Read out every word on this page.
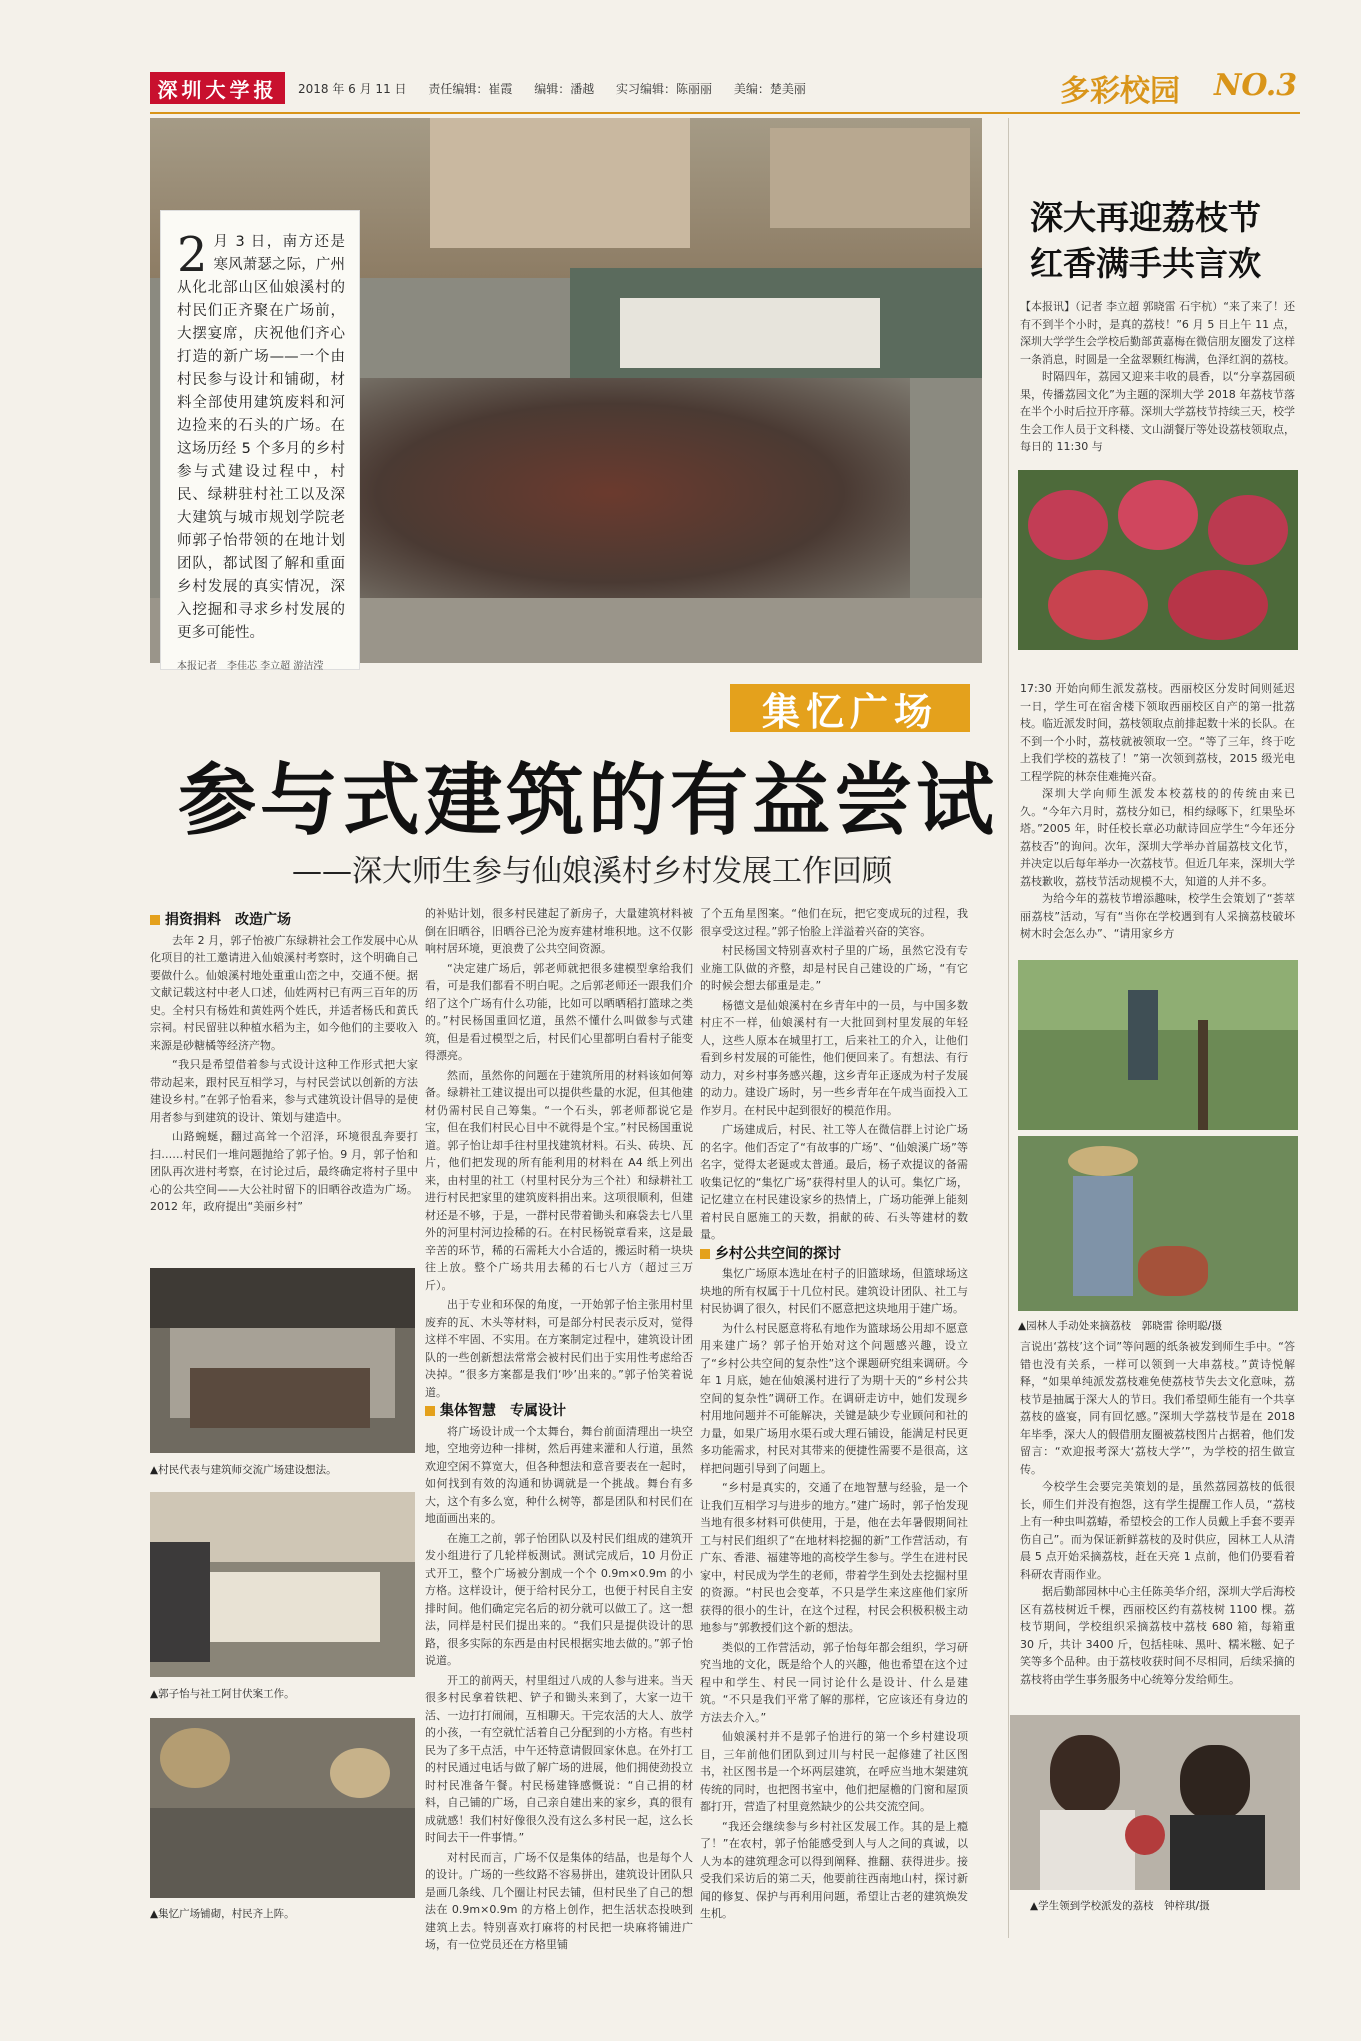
深圳大学报	2018 年 6 月 11 日 责任编辑：崔霞 编辑：潘越 实习编辑：陈丽丽 美编：楚美丽	多彩校园 NO.3
2 月 3 日，南方还是寒风萧瑟之际，广州从化北部山区仙娘溪村的村民们正齐聚在广场前，大摆宴席，庆祝他们齐心打造的新广场——一个由村民参与设计和铺砌，材料全部使用建筑废料和河边捡来的石头的广场。在这场历经 5 个多月的乡村参与式建设过程中，村民、绿耕驻村社工以及深大建筑与城市规划学院老师郭子怡带领的在地计划团队，都试图了解和重面乡村发展的真实情况，深入挖掘和寻求乡村发展的更多可能性。
本报记者　李佳芯 李立超 游洁滢
集忆广场
参与式建筑的有益尝试
——深大师生参与仙娘溪村乡村发展工作回顾

捐资捐料　改造广场

去年 2 月，郭子怡被广东绿耕社会工作发展中心从化项目的社工邀请进入仙娘溪村考察时，这个明确自己要做什么。仙娘溪村地处重重山峦之中，交通不便。据文献记载这村中老人口述，仙姓两村已有两三百年的历史。全村只有杨姓和黄姓两个姓氏，并适者杨氏和黄氏宗祠。村民留驻以种植水稻为主，如今他们的主要收入来源是砂糖橘等经济产物。

“我只是希望借着参与式设计这种工作形式把大家带动起来，跟村民互相学习，与村民尝试以创新的方法建设乡村。”在郭子怡看来，参与式建筑设计倡导的是使用者参与到建筑的设计、策划与建造中。

山路蜿蜒，翻过高耸一个沼泽，环境很乱奔要打扫……村民们一堆问题抛给了郭子怡。9 月，郭子怡和团队再次进村考察，在讨论过后，最终确定将村子里中心的公共空间——大公社时留下的旧晒谷改造为广场。2012 年，政府提出“美丽乡村”

▲村民代表与建筑师交流广场建设想法。
▲郭子怡与社工阿甘伏案工作。
▲集忆广场铺砌，村民齐上阵。

的补贴计划，很多村民建起了新房子，大量建筑材料被倒在旧晒谷，旧晒谷已沦为废弃建材堆积地。这不仅影响村居环境，更浪费了公共空间资源。

“决定建广场后，郭老师就把很多建模型拿给我们看，可是我们都看不明白呢。之后郭老师还一跟我们介绍了这个广场有什么功能，比如可以晒晒稻打篮球之类的。”村民杨国重回忆道，虽然不懂什么叫做参与式建筑，但是看过模型之后，村民们心里都明白看村子能变得漂亮。

然而，虽然你的问题在于建筑所用的材料该如何筹备。绿耕社工建议提出可以提供些量的水泥，但其他建材仍需村民自己筹集。“一个石头，郭老师都说它是宝，但在我们村民心目中不就得是个宝。”村民杨国重说道。郭子怡让却手往村里找建筑材料。石头、砖块、瓦片，他们把发现的所有能利用的材料在 A4 纸上列出来，由村里的社工（村里村民分为三个社）和绿耕社工进行村民把家里的建筑废料捐出来。这项很顺利，但建材还是不够，于是，一群村民带着锄头和麻袋去七八里外的河里村河边捡稀的石。在村民杨锐章看来，这是最辛苦的环节，稀的石需耗大小合适的，搬运时稍一块块往上放。整个广场共用去稀的石七八方（超过三万斤）。

出于专业和环保的角度，一开始郭子怡主张用村里废弃的瓦、木头等材料，可是部分村民表示反对，觉得这样不牢固、不实用。在方案制定过程中，建筑设计团队的一些创新想法常常会被村民们出于实用性考虑给否决掉。“很多方案都是我们‘吵’出来的。”郭子怡笑着说道。

集体智慧　专属设计

将广场设计成一个太舞台，舞台前面清理出一块空地，空地旁边种一排树，然后再建来灌和人行道，虽然欢迎空闲不算宽大，但各种想法和意音要表在一起时，如何找到有效的沟通和协调就是一个挑战。舞台有多大，这个有多么宽，种什么树等，都是团队和村民们在地面画出来的。

在施工之前，郭子怡团队以及村民们组成的建筑开发小组进行了几轮样板测试。测试完成后，10 月份正式开工，整个广场被分割成一个个 0.9m×0.9m 的小方格。这样设计，便于给村民分工，也便于村民自主安排时间。他们确定完名后的初分就可以做工了。这一想法，同样是村民们提出来的。“我们只是提供设计的思路，很多实际的东西是由村民根据实地去做的。”郭子怡说道。

开工的前两天，村里组过八成的人参与进来。当天很多村民拿着铁耙、铲子和锄头来到了，大家一边干活、一边打打闹闹，互相聊天。干完农活的大人、放学的小孩，一有空就忙活着自己分配到的小方格。有些村民为了多干点活，中午还特意请假回家休息。在外打工的村民通过电话与做了解广场的进展，他们拥使劲投立时村民准备午餐。村民杨建锋感慨说：“自己捐的材料，自己铺的广场，自己亲自建出来的家乡，真的很有成就感！我们村好像很久没有这么多村民一起，这么长时间去干一件事情。”

对村民而言，广场不仅是集体的结晶，也是每个人的设计。广场的一些纹路不容易拼出，建筑设计团队只是画几条线、几个圈让村民去铺，但村民坐了自己的想法在 0.9m×0.9m 的方格上创作，把生活状态投映到建筑上去。特别喜欢打麻将的村民把一块麻将铺进广场，有一位党员还在方格里铺

了个五角星图案。“他们在玩，把它变成玩的过程，我很享受这过程。”郭子怡脸上洋溢着兴奋的笑容。

村民杨国文特别喜欢村子里的广场，虽然它没有专业施工队做的齐整，却是村民自己建设的广场，“有它的时候会想去郁重是走。”

杨德文是仙娘溪村在乡青年中的一员，与中国多数村庄不一样，仙娘溪村有一大批回到村里发展的年轻人，这些人原本在城里打工，后来社工的介入，让他们看到乡村发展的可能性，他们便回来了。有想法、有行动力，对乡村事务感兴趣，这乡青年正逐成为村子发展的动力。建设广场时，另一些乡青年在午成当面投入工作岁月。在村民中起到很好的模范作用。

广场建成后，村民、社工等人在微信群上讨论广场的名字。他们否定了“有故事的广场”、“仙娘溪广场”等名字，觉得太老诞或太普通。最后，杨子欢提议的备需收集记忆的“集忆广场”获得村里人的认可。集忆广场，记忆建立在村民建设家乡的热情上，广场功能弹上能刻着村民自愿施工的天数，捐献的砖、石头等建材的数量。

乡村公共空间的探讨

集忆广场原本选址在村子的旧篮球场，但篮球场这块地的所有权属于十几位村民。建筑设计团队、社工与村民协调了很久，村民们不愿意把这块地用于建广场。

为什么村民愿意将私有地作为篮球场公用却不愿意用来建广场？郭子怡开始对这个问题感兴趣，设立了“乡村公共空间的复杂性”这个课题研究组来调研。今年 1 月底，她在仙娘溪村进行了为期十天的“乡村公共空间的复杂性”调研工作。在调研走访中，她们发现乡村用地问题并不可能解决，关键是缺少专业顾问和社的力量，如果广场用水渠石或大理石铺设，能满足村民更多功能需求，村民对其带来的便捷性需要不是很高，这样把问题引导到了问题上。

“乡村是真实的，交通了在地智慧与经验，是一个让我们互相学习与进步的地方。”建广场时，郭子怡发现当地有很多材料可供使用，于是，他在去年暑假期间社工与村民们组织了“在地材料挖掘的新”工作营活动，有广东、香港、福建等地的高校学生参与。学生在进村民家中，村民成为学生的老师，带着学生到处去挖掘村里的资源。“村民也会变革，不只是学生来这座他们家所获得的很小的生计，在这个过程，村民会积极积极主动地参与”郭教授们这个新的想法。

类似的工作营活动，郭子怡每年都会组织，学习研究当地的文化，既是给个人的兴趣，他也希望在这个过程中和学生、村民一同讨论什么是设计、什么是建筑。“不只是我们平常了解的那样，它应该还有身边的方法去介入。”

仙娘溪村并不是郭子怡进行的第一个乡村建设项目，三年前他们团队到过川与村民一起修建了社区图书，社区图书是一个坏两层建筑，在呼应当地木架建筑传统的同时，也把图书室中，他们把屋檐的门窗和屋顶都打开，营造了村里竟然缺少的公共交流空间。

“我还会继续参与乡村社区发展工作。其的是上瘾了！”在农村，郭子怡能感受到人与人之间的真诚，以人为本的建筑理念可以得到阐释、推翻、获得进步。接受我们采访后的第二天，他要前往西南地山村，探讨新闻的修复、保护与再利用问题，希望让古老的建筑焕发生机。

深大再迎荔枝节
红香满手共言欢

【本报讯】（记者 李立超 郭晓雷 石宇杭）“来了来了！还有不到半个小时，是真的荔枝！”6 月 5 日上午 11 点，深圳大学学生会学校后勤部黄嘉梅在微信朋友圈发了这样一条消息，时圆是一全盆翠颗红梅满，色泽红润的荔枝。

时隔四年，荔园又迎来丰收的晨香，以“分享荔园硕果，传播荔园文化”为主题的深圳大学 2018 年荔枝节落在半个小时后拉开序幕。深圳大学荔枝节持续三天，校学生会工作人员于文科楼、文山湖餐厅等处设荔枝领取点，每日的 11:30 与

17:30 开始向师生派发荔枝。西丽校区分发时间则延迟一日，学生可在宿舍楼下领取西丽校区自产的第一批荔枝。临近派发时间，荔枝领取点前排起数十米的长队。在不到一个小时，荔枝就被领取一空。“等了三年，终于吃上我们学校的荔枝了！”第一次领到荔枝，2015 级光电工程学院的林奈佳难掩兴奋。

深圳大学向师生派发本校荔枝的的传统由来已久。“今年六月时，荔枝分如已，相约绿啄下，红果坠坏塔。”2005 年，时任校长章必功献诗回应学生“今年还分荔枝否”的询问。次年，深圳大学举办首届荔枝文化节，并决定以后每年举办一次荔枝节。但近几年来，深圳大学荔枝歉收，荔枝节活动规模不大，知道的人并不多。

为给今年的荔枝节增添趣味，校学生会策划了“荟萃丽荔枝”活动，写有“当你在学校遇到有人采摘荔枝破坏树木时会怎么办”、“请用家乡方

▲园林人手动处来摘荔枝　郭晓雷 徐明聪/摄

言说出‘荔枝’这个词”等问题的纸条被发到师生手中。“答错也没有关系，一样可以领到一大串荔枝。”黄诗悦解释，“如果单纯派发荔枝难免使荔枝节失去文化意味，荔枝节是抽属于深大人的节日。我们希望师生能有一个共享荔枝的盛宴，同有回忆感。”深圳大学荔枝节是在 2018 年毕季，深大人的假借朋友圈被荔枝图片占据着，他们发留言：“欢迎报考深大‘荔枝大学’”，为学校的招生做宣传。

今校学生会要完美策划的是，虽然荔园荔枝的低很长，师生们并没有抱怨，这有学生提醒工作人员，“荔枝上有一种虫叫荔蝽，希望校会的工作人员戴上手套不要弄伤自己”。而为保证新鲜荔枝的及时供应，园林工人从清晨 5 点开始采摘荔枝，赶在天亮 1 点前，他们仍要看着科研农青雨作业。

据后勤部园林中心主任陈美华介绍，深圳大学后海校区有荔枝树近千棵，西丽校区约有荔枝树 1100 棵。荔枝节期间，学校组织采摘荔枝中荔枝 680 箱，每箱重 30 斤，共计 3400 斤，包括桂味、黑叶、糯米糍、妃子笑等多个品种。由于荔枝收获时间不尽相同，后续采摘的荔枝将由学生事务服务中心统筹分发给师生。

▲学生领到学校派发的荔枝　钟梓琪/摄
